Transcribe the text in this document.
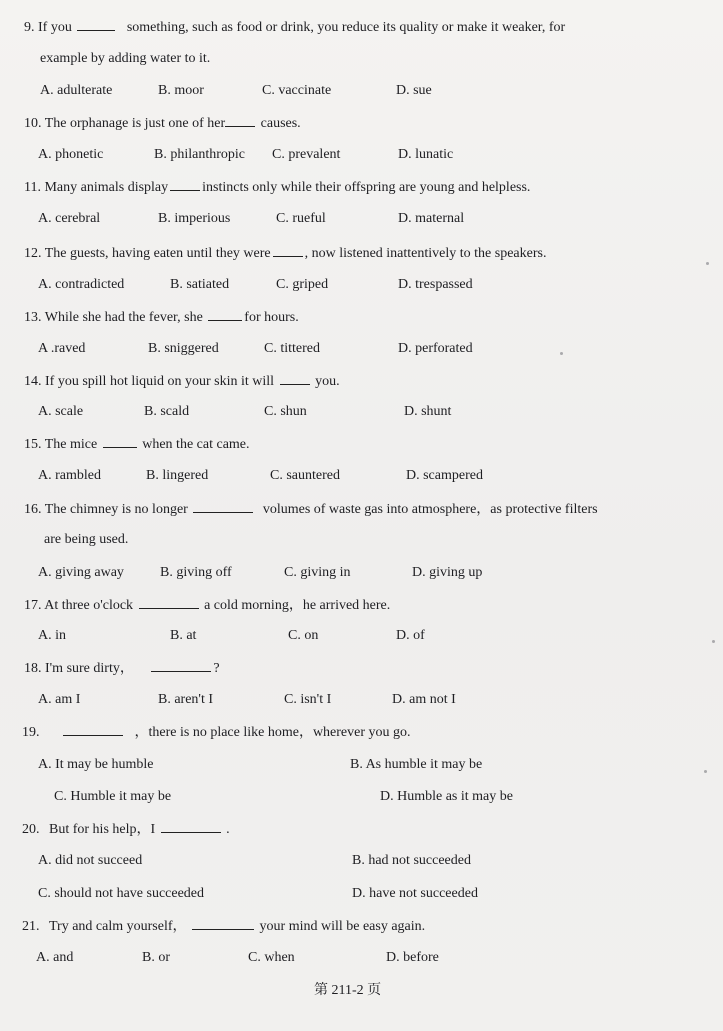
9. If you	something, such as food or drink, you reduce its quality or make it weaker, for
example by adding water to it.
A. adulterate	B. moor	C. vaccinate	D. sue
10. The orphanage is just one of her	causes.
A. phonetic	B. philanthropic C. prevalent	D. lunatic
11. Many animals display instincts only while their offspring are young and helpless.
A. cerebral	B. imperious	C. rueful	D. maternal
12. The guests, having eaten until they were , now listened inattentively to the speakers.
A. contradicted	B. satiated	C. griped	D. trespassed
13. While she had the fever, she	for hours.
A .raved	B. sniggered	C. tittered	D. perforated
14. If you spill hot liquid on your skin it will	you.
A. scale	B. scald	C. shun	D. shunt
15. The mice	when the cat came.
A. rambled	B. lingered	C. sauntered	D. scampered
16. The chimney is no longer	volumes of waste gas into atmosphere，as protective filters
are being used.
A. giving away	B. giving off	C. giving in	D. giving up
17. At three o'clock	a cold morning，he arrived here.
A. in	B. at	C. on	D. of
18. I'm sure dirty，	?
A. am I	B. aren't I	C. isn't I	D. am not I
19.	，there is no place like home，wherever you go.
A. It may be humble	B. As humble it may be
C. Humble it may be	D. Humble as it may be
20. But for his help，I	.
A. did not succeed	B. had not succeeded
C. should not have succeeded	D. have not succeeded
21. Try and calm yourself，	your mind will be easy again.
A. and	B. or	C. when	D. before
第 211-2 页
